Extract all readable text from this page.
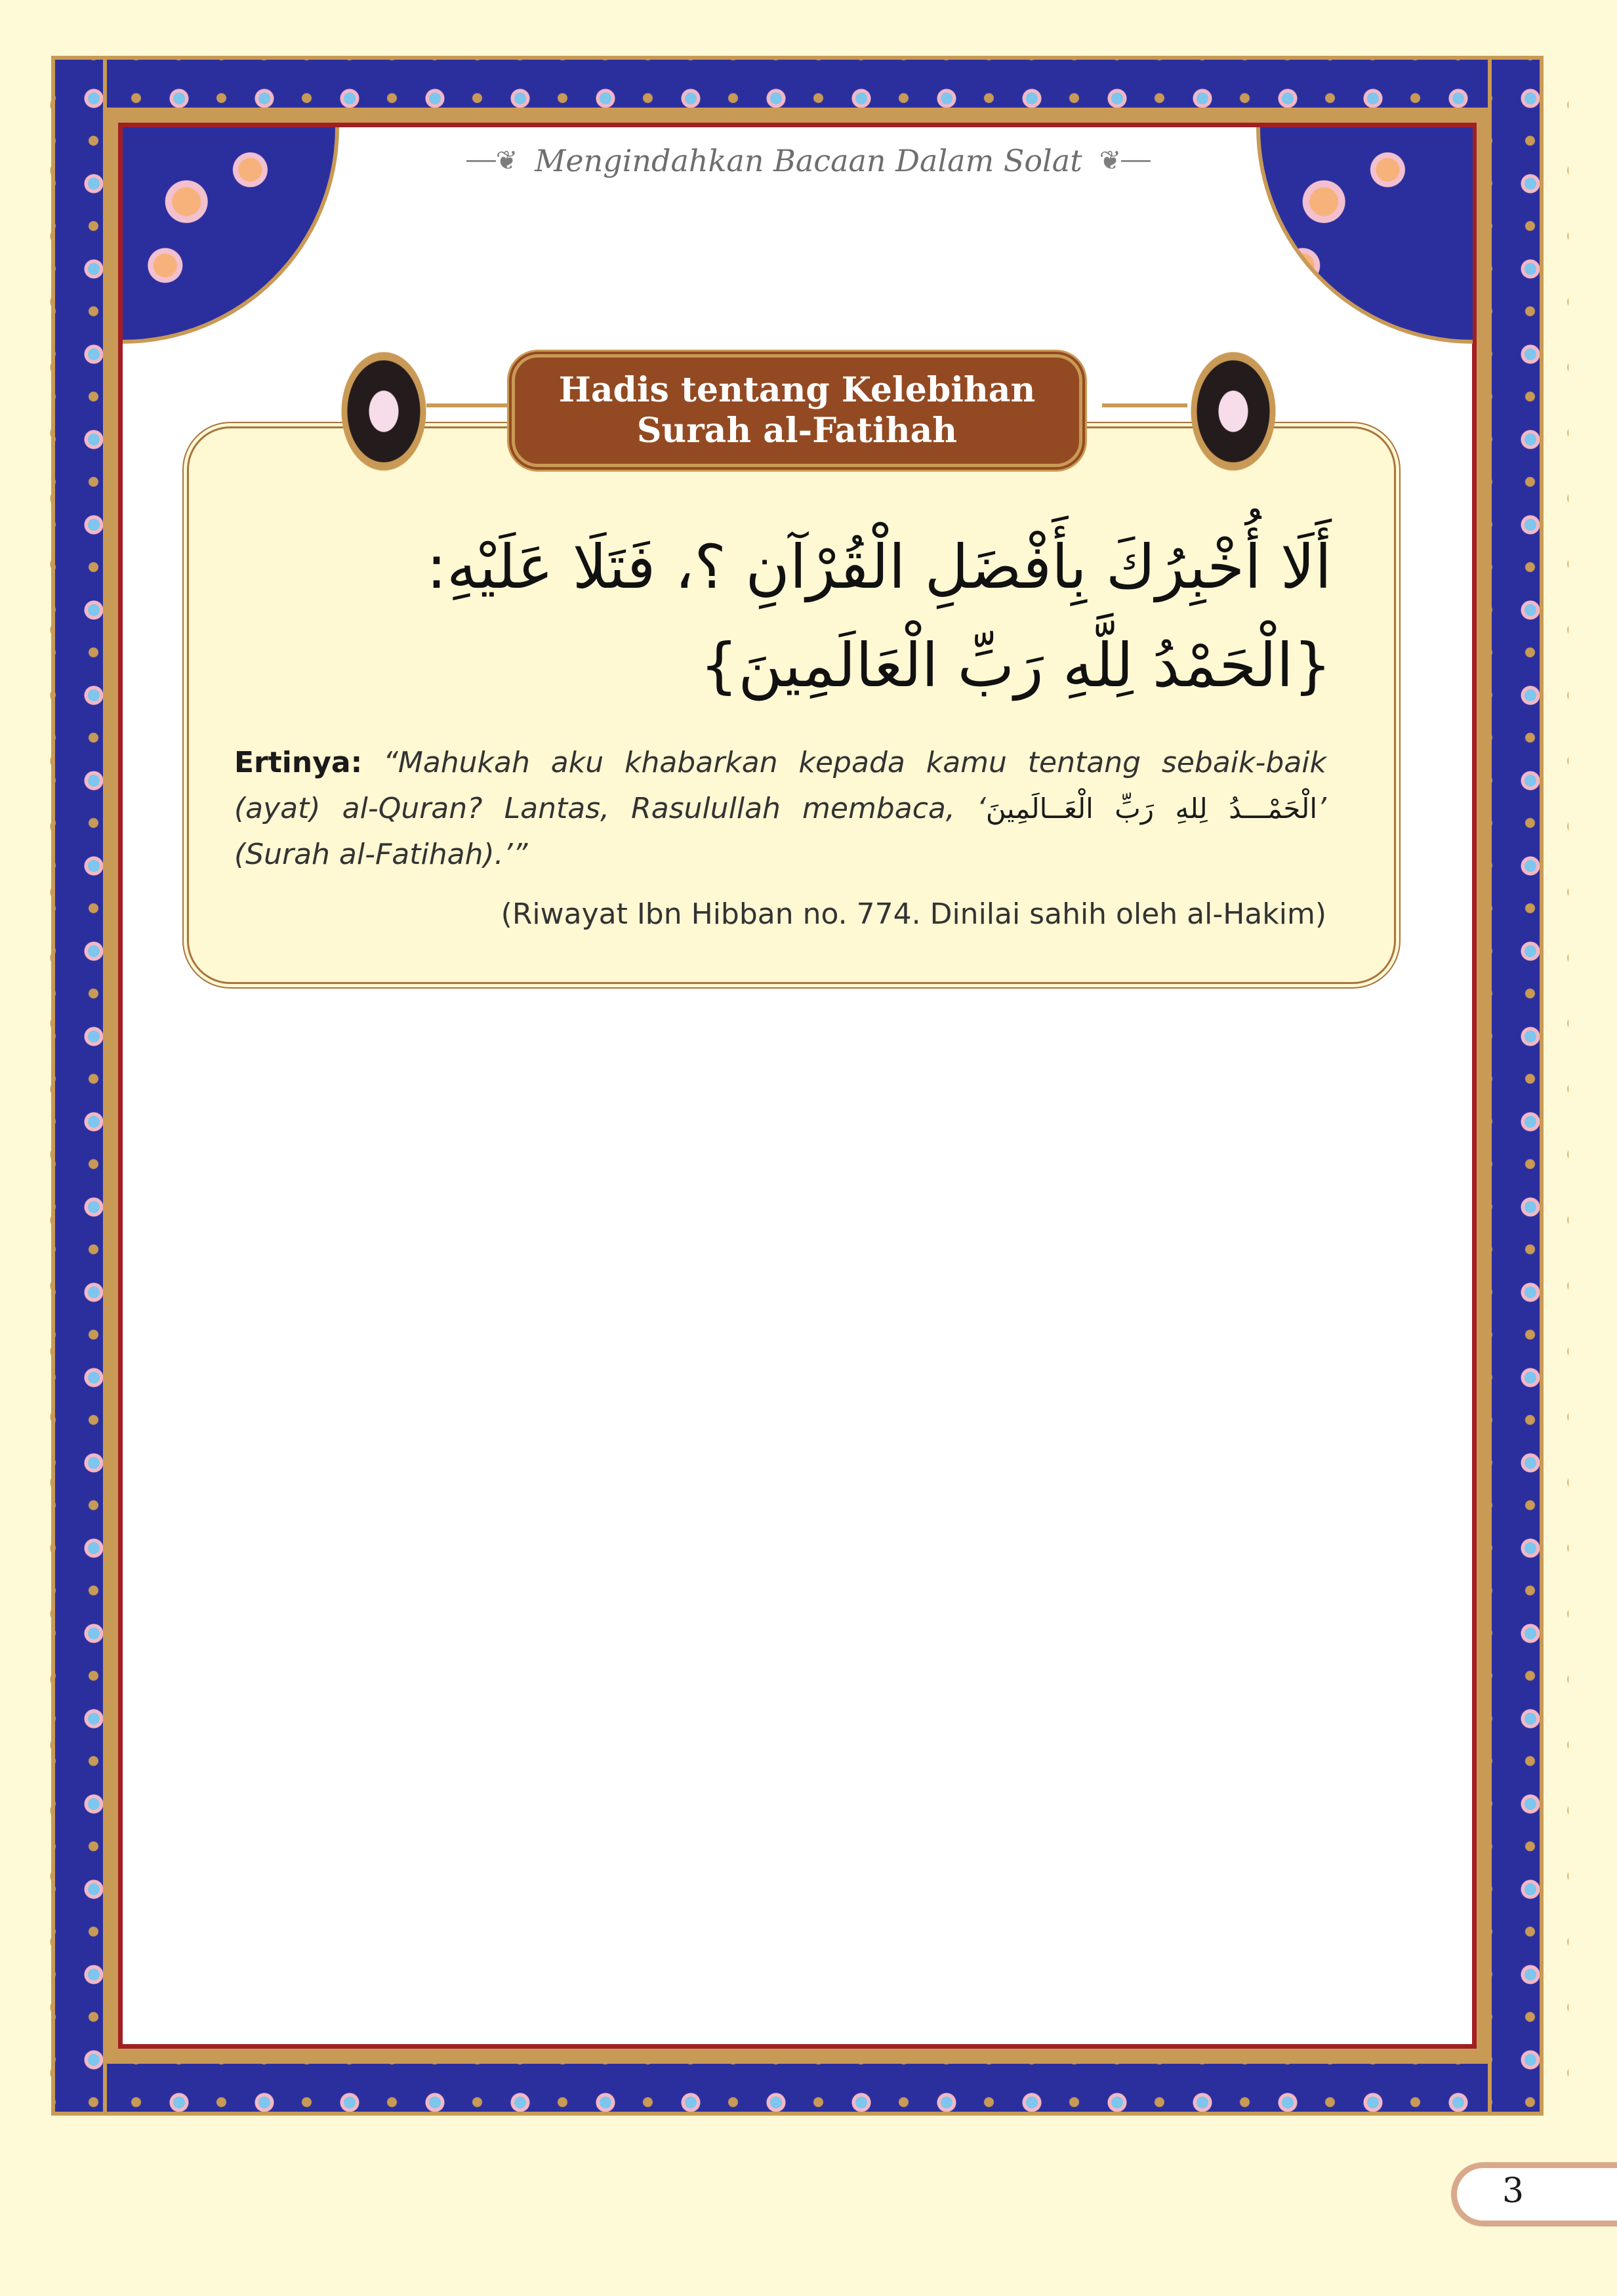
❦ Mengindahkan Bacaan Dalam Solat ❦
Hadis tentang Kelebihan
Surah al-Fatihah
أَلَا أُخْبِرُكَ بِأَفْضَلِ الْقُرْآنِ ؟، فَتَلَا عَلَيْهِ: {الْحَمْدُ لِلَّهِ رَبِّ الْعَالَمِينَ}
Ertinya: “Mahukah aku khabarkan kepada kamu tentang sebaik-baik (ayat) al-Quran? Lantas, Rasulullah membaca, ‘الْحَمْـــدُ لِلهِ رَبِّ الْعَــالَمِينَ’ (Surah al-Fatihah).’”
(Riwayat Ibn Hibban no. 774. Dinilai sahih oleh al-Hakim)
3
